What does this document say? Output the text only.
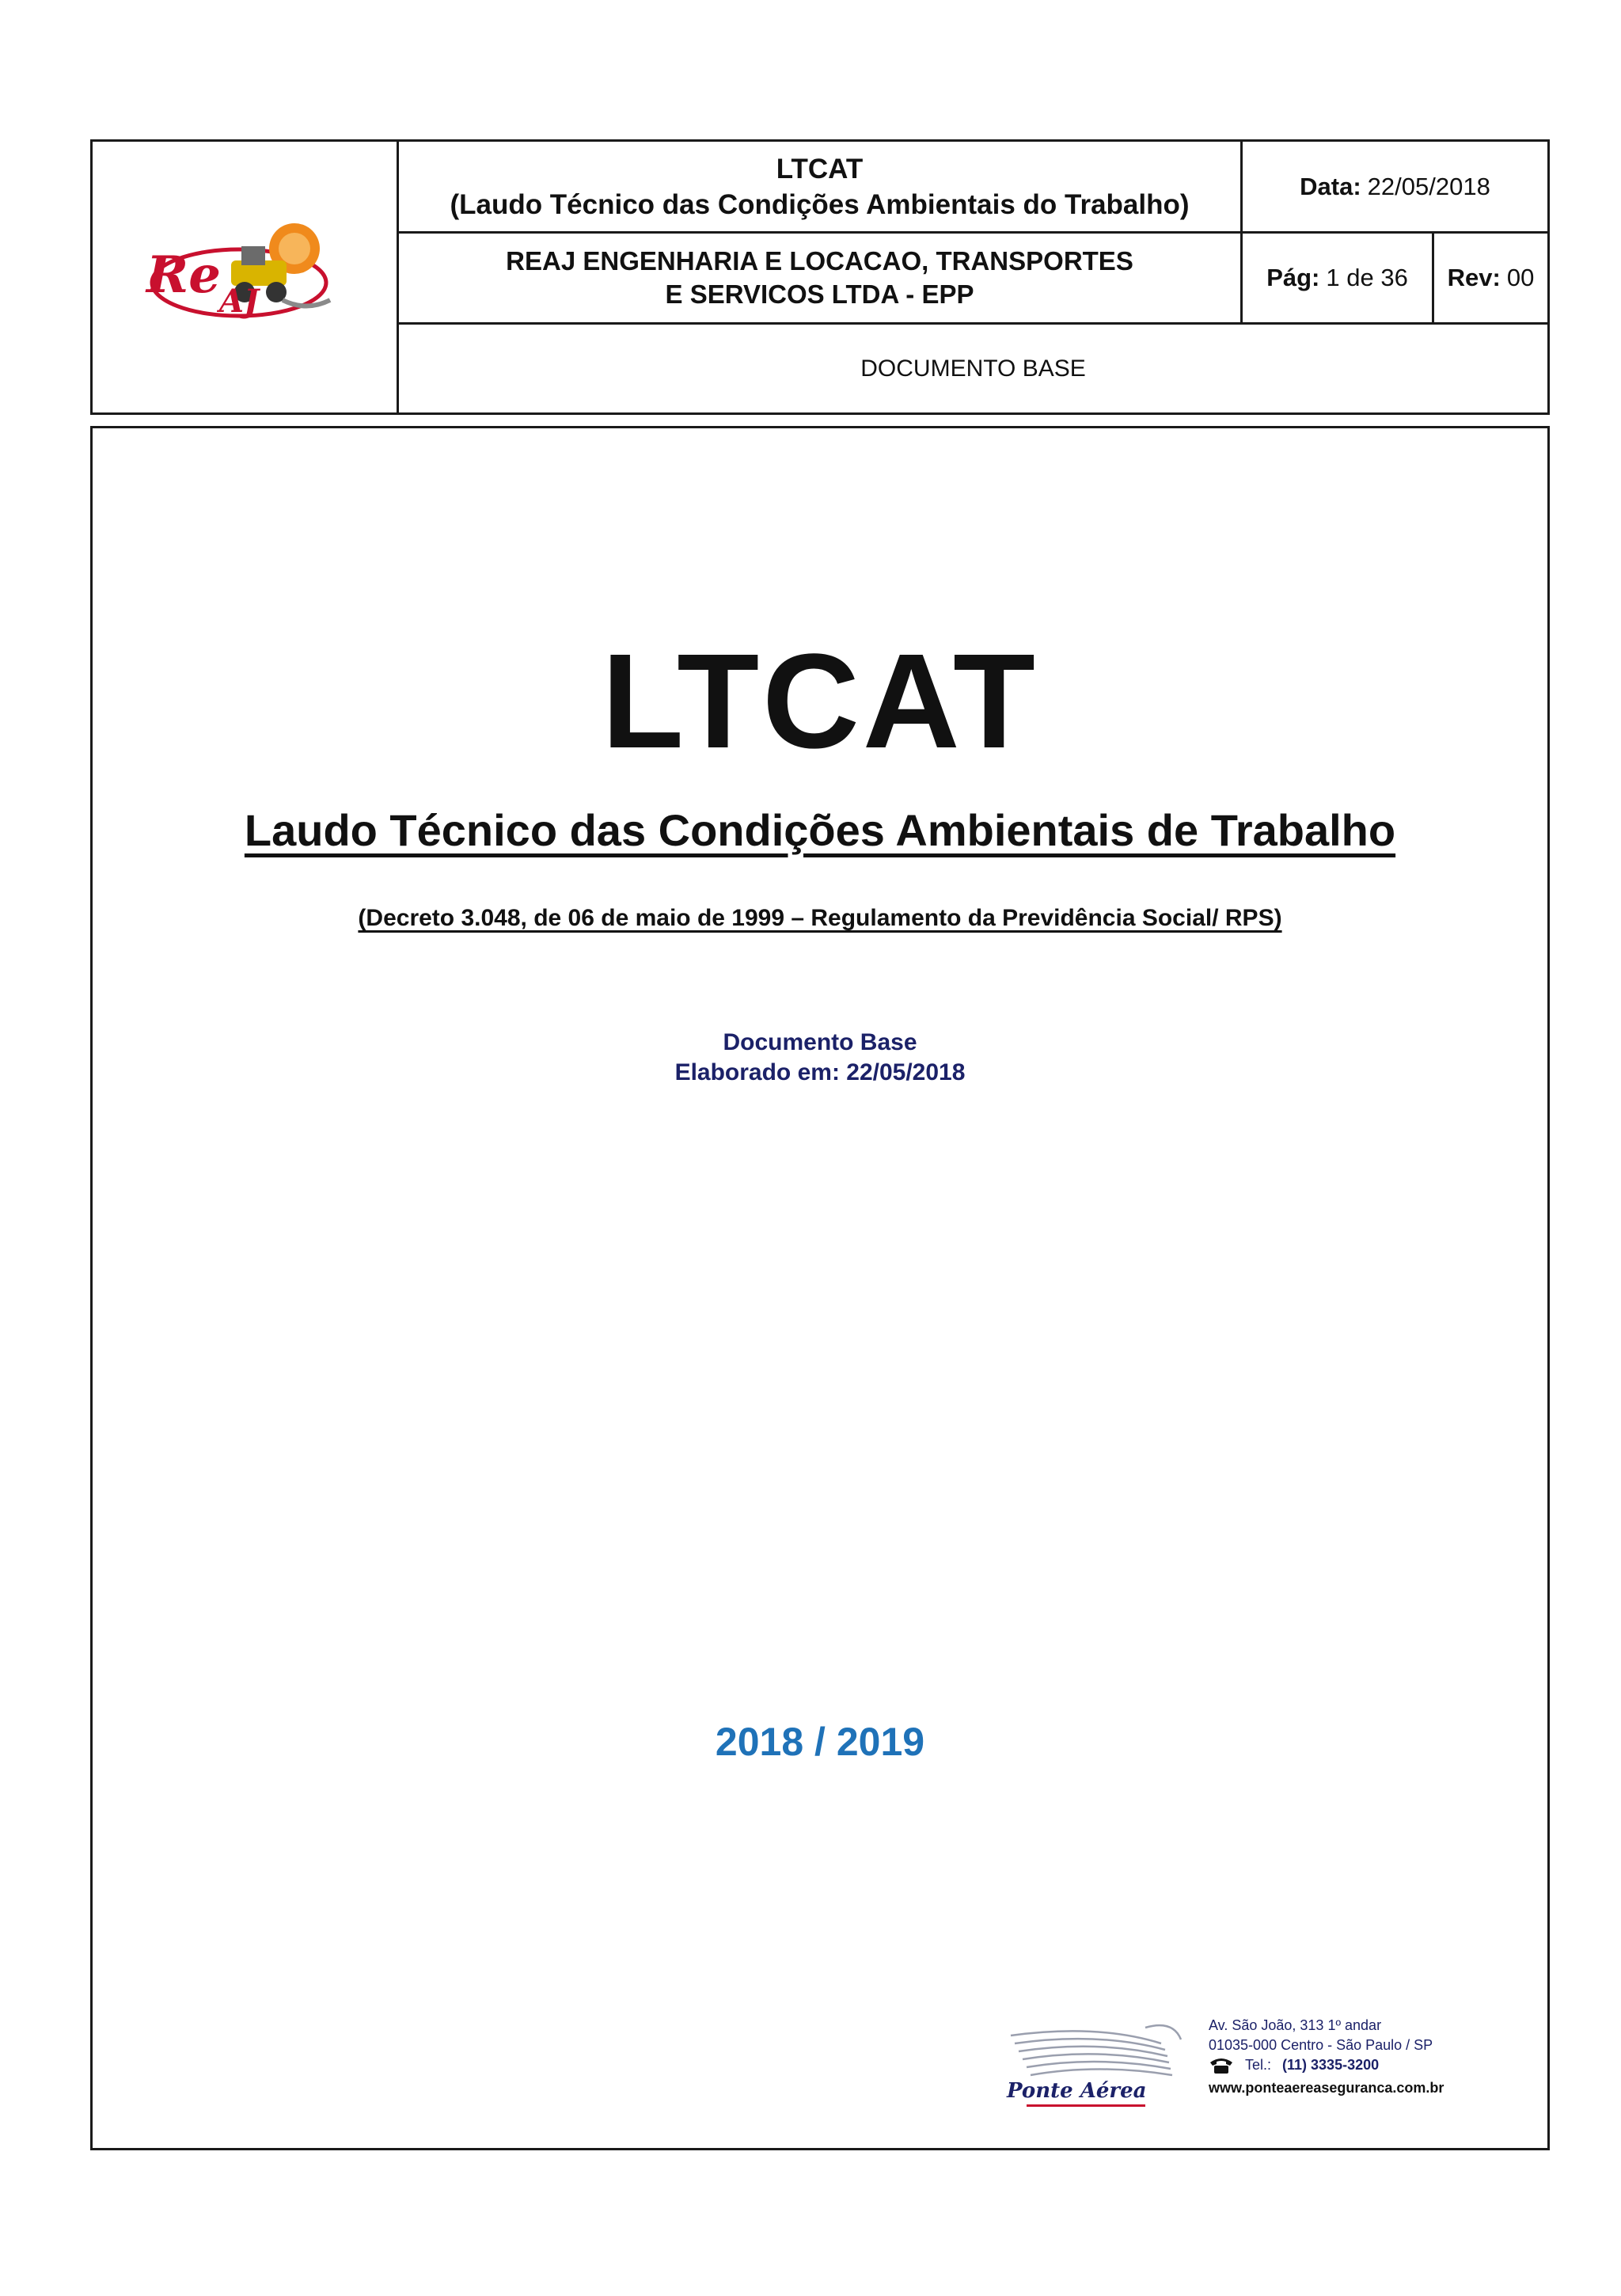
Re
AJ
LTCAT
(Laudo Técnico das Condições Ambientais do Trabalho)
Data: 22/05/2018
REAJ ENGENHARIA E LOCACAO, TRANSPORTES
E SERVICOS LTDA - EPP
Pág: 1 de 36 Rev: 00
DOCUMENTO BASE
LTCAT
Laudo Técnico das Condições Ambientais de Trabalho
(Decreto 3.048, de 06 de maio de 1999 – Regulamento da Previdência Social/ RPS)
Documento Base
Elaborado em: 22/05/2018
2018 / 2019
Ponte Aérea
Av. São João, 313 1º andar
01035-000 Centro - São Paulo / SP
Tel.: (11) 3335-3200
www.ponteaereaseguranca.com.br
